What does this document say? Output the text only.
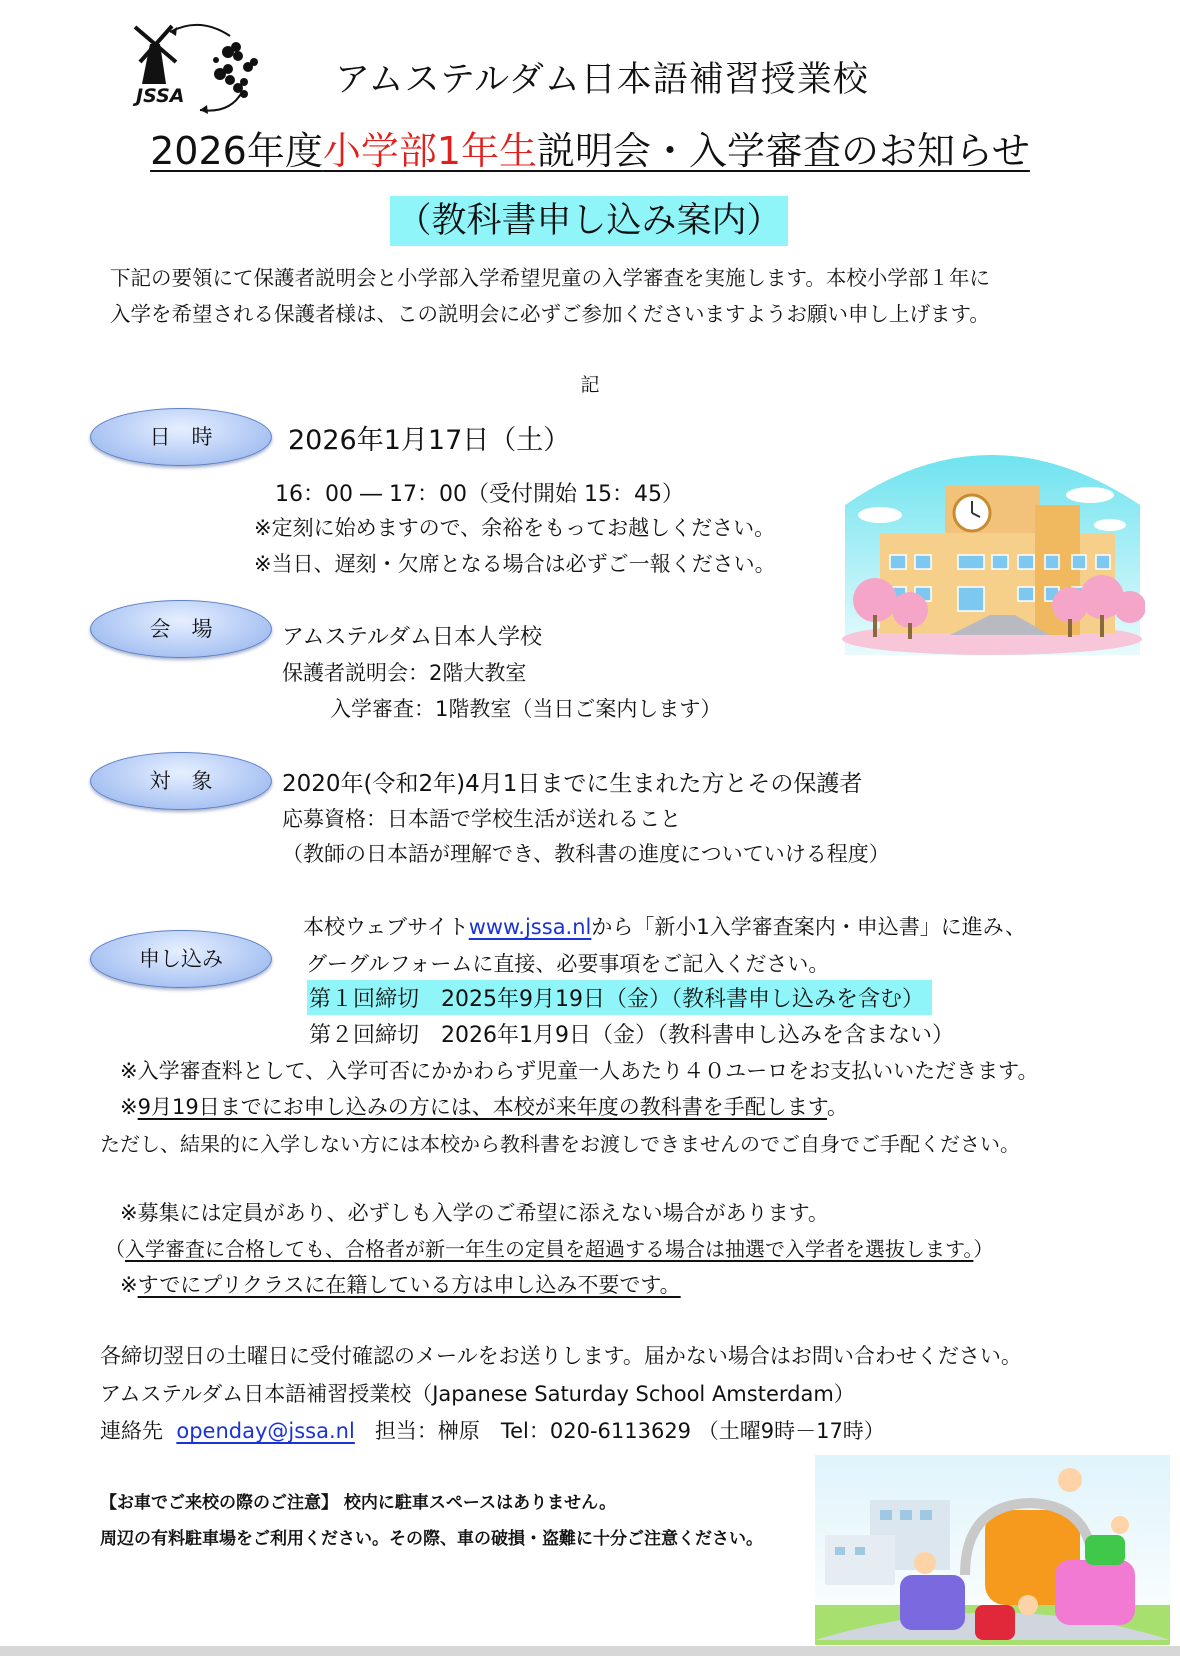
JSSA	アムステルダム日本語補習授業校
2026年度小学部1年生説明会・入学審査のお知らせ
（教科書申し込み案内）
下記の要領にて保護者説明会と小学部入学希望児童の入学審査を実施します。本校小学部１年に
入学を希望される保護者様は、この説明会に必ずご参加くださいますようお願い申し上げます。
記
日　時	2026年1月17日（土）
16：00 ― 17：00（受付開始 15：45）
※定刻に始めますので、余裕をもってお越しください。
※当日、遅刻・欠席となる場合は必ずご一報ください。
会　場	アムステルダム日本人学校
保護者説明会：2階大教室
入学審査：1階教室（当日ご案内します）
対　象	2020年(令和2年)4月1日までに生まれた方とその保護者
応募資格：日本語で学校生活が送れること
（教師の日本語が理解でき、教科書の進度についていける程度）
申し込み
本校ウェブサイトwww.jssa.nlから「新小1入学審査案内・申込書」に進み、
グーグルフォームに直接、必要事項をご記入ください。
第１回締切　2025年9月19日（金）（教科書申し込みを含む）
第２回締切　2026年1月9日（金）（教科書申し込みを含まない）
※入学審査料として、入学可否にかかわらず児童一人あたり４０ユーロをお支払いいただきます。
※9月19日までにお申し込みの方には、本校が来年度の教科書を手配します。
ただし、結果的に入学しない方には本校から教科書をお渡しできませんのでご自身でご手配ください。
※募集には定員があり、必ずしも入学のご希望に添えない場合があります。
（入学審査に合格しても、合格者が新一年生の定員を超過する場合は抽選で入学者を選抜します。）
※すでにプリクラスに在籍している方は申し込み不要です。
各締切翌日の土曜日に受付確認のメールをお送りします。届かない場合はお問い合わせください。
アムステルダム日本語補習授業校（Japanese Saturday School Amsterdam）
連絡先 openday@jssa.nl 担当：榊原　Tel：020-6113629 （土曜9時－17時）
【お車でご来校の際のご注意】 校内に駐車スペースはありません。
周辺の有料駐車場をご利用ください。その際、車の破損・盗難に十分ご注意ください。
